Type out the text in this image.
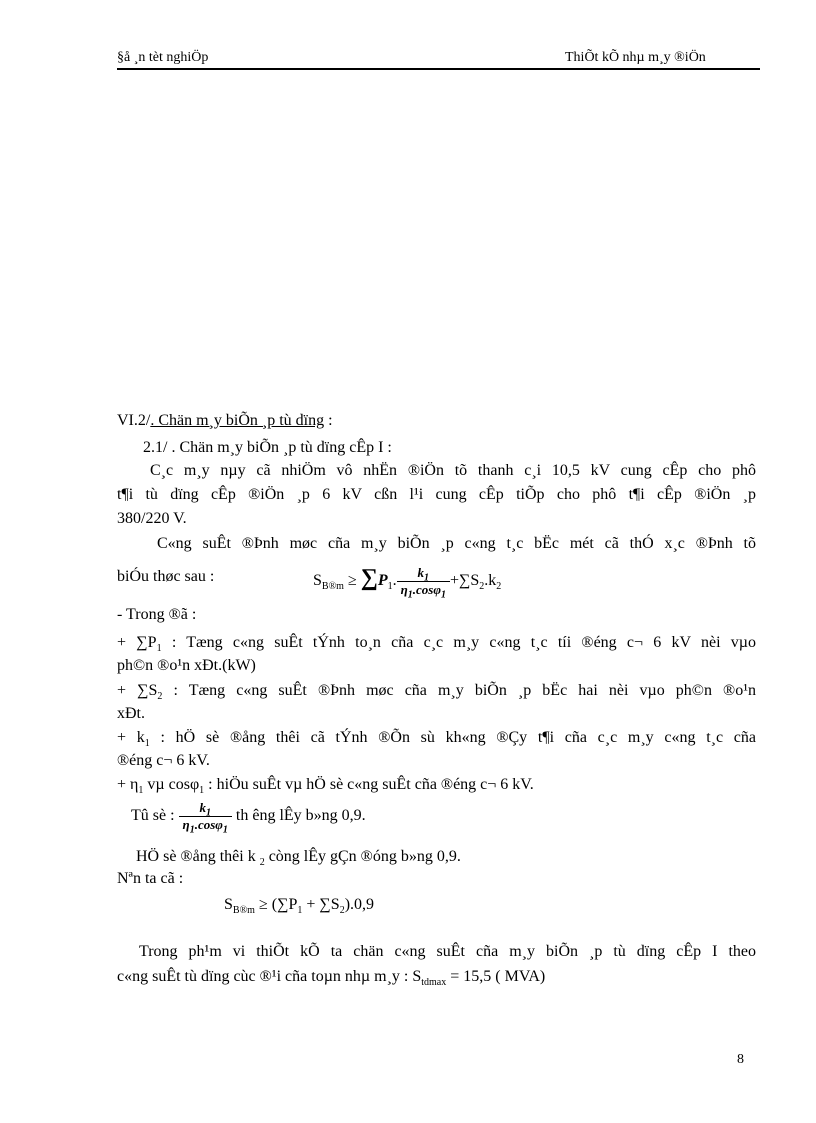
§å ¸n tèt nghiÖp	ThiÕt kÕ nhµ m¸y ®iÖn
VI.2/. Chän m¸y biÕn ¸p tù dïng :
2.1/ . Chän m¸y biÕn ¸p tù dïng cÊp I :
C¸c m¸y nµy cã nhiÖm vô nhËn ®iÖn tõ thanh c¸i 10,5 kV cung cÊp cho phô
t¶i tù dïng cÊp ®iÖn ¸p 6 kV cßn l¹i cung cÊp tiÕp cho phô t¶i cÊp ®iÖn ¸p
380/220 V.
C«ng suÊt ®Þnh møc cña m¸y biÕn ¸p c«ng t¸c bËc mét cã thÓ x¸c ®Þnh tõ
biÓu thøc sau :	$S_{B®m} \ge \sum P_1$. $\frac{k_1}{\eta_1.\cos\varphi_1} +\sum S_2.k_2$
- Trong ®ã :
+ $\sum P_1$ : Tæng c«ng suÊt tÝnh to¸n cña c¸c m¸y c«ng t¸c tíi ®éng c¬ 6 kV nèi vµo
ph©n ®o¹n xÐt.(kW)
+ $\sum S_2$ : Tæng c«ng suÊt ®Þnh møc cña m¸y biÕn ¸p bËc hai nèi vµo ph©n ®o¹n
xÐt.
+ $k_1$ : hÖ sè ®ång thêi cã tÝnh ®Õn sù kh«ng ®Çy t¶i cña c¸c m¸y c«ng t¸c cña
®éng c¬ 6 kV.
+ $\eta_1$ vµ cosφ$_1$ : hiÖu suÊt vµ hÖ sè c«ng suÊt cña ®éng c¬ 6 kV.
Tû sè : $\frac{k_1}{\eta_1.\cos\varphi_1}$ th êng lÊy b»ng 0,9.
HÖ sè ®ång thêi k $_2$ còng lÊy gÇn ®óng b»ng 0,9.
Nªn ta cã :
$S_{B®m} \ge (\sum P_1 + \sum S_2).0,9$
Trong ph¹m vi thiÕt kÕ ta chän c«ng suÊt cña m¸y biÕn ¸p tù dïng cÊp I theo
c«ng suÊt tù dïng cùc ®¹i cña toµn nhµ m¸y : $S_{tdmax} = 15,5$ ( MVA)
8
